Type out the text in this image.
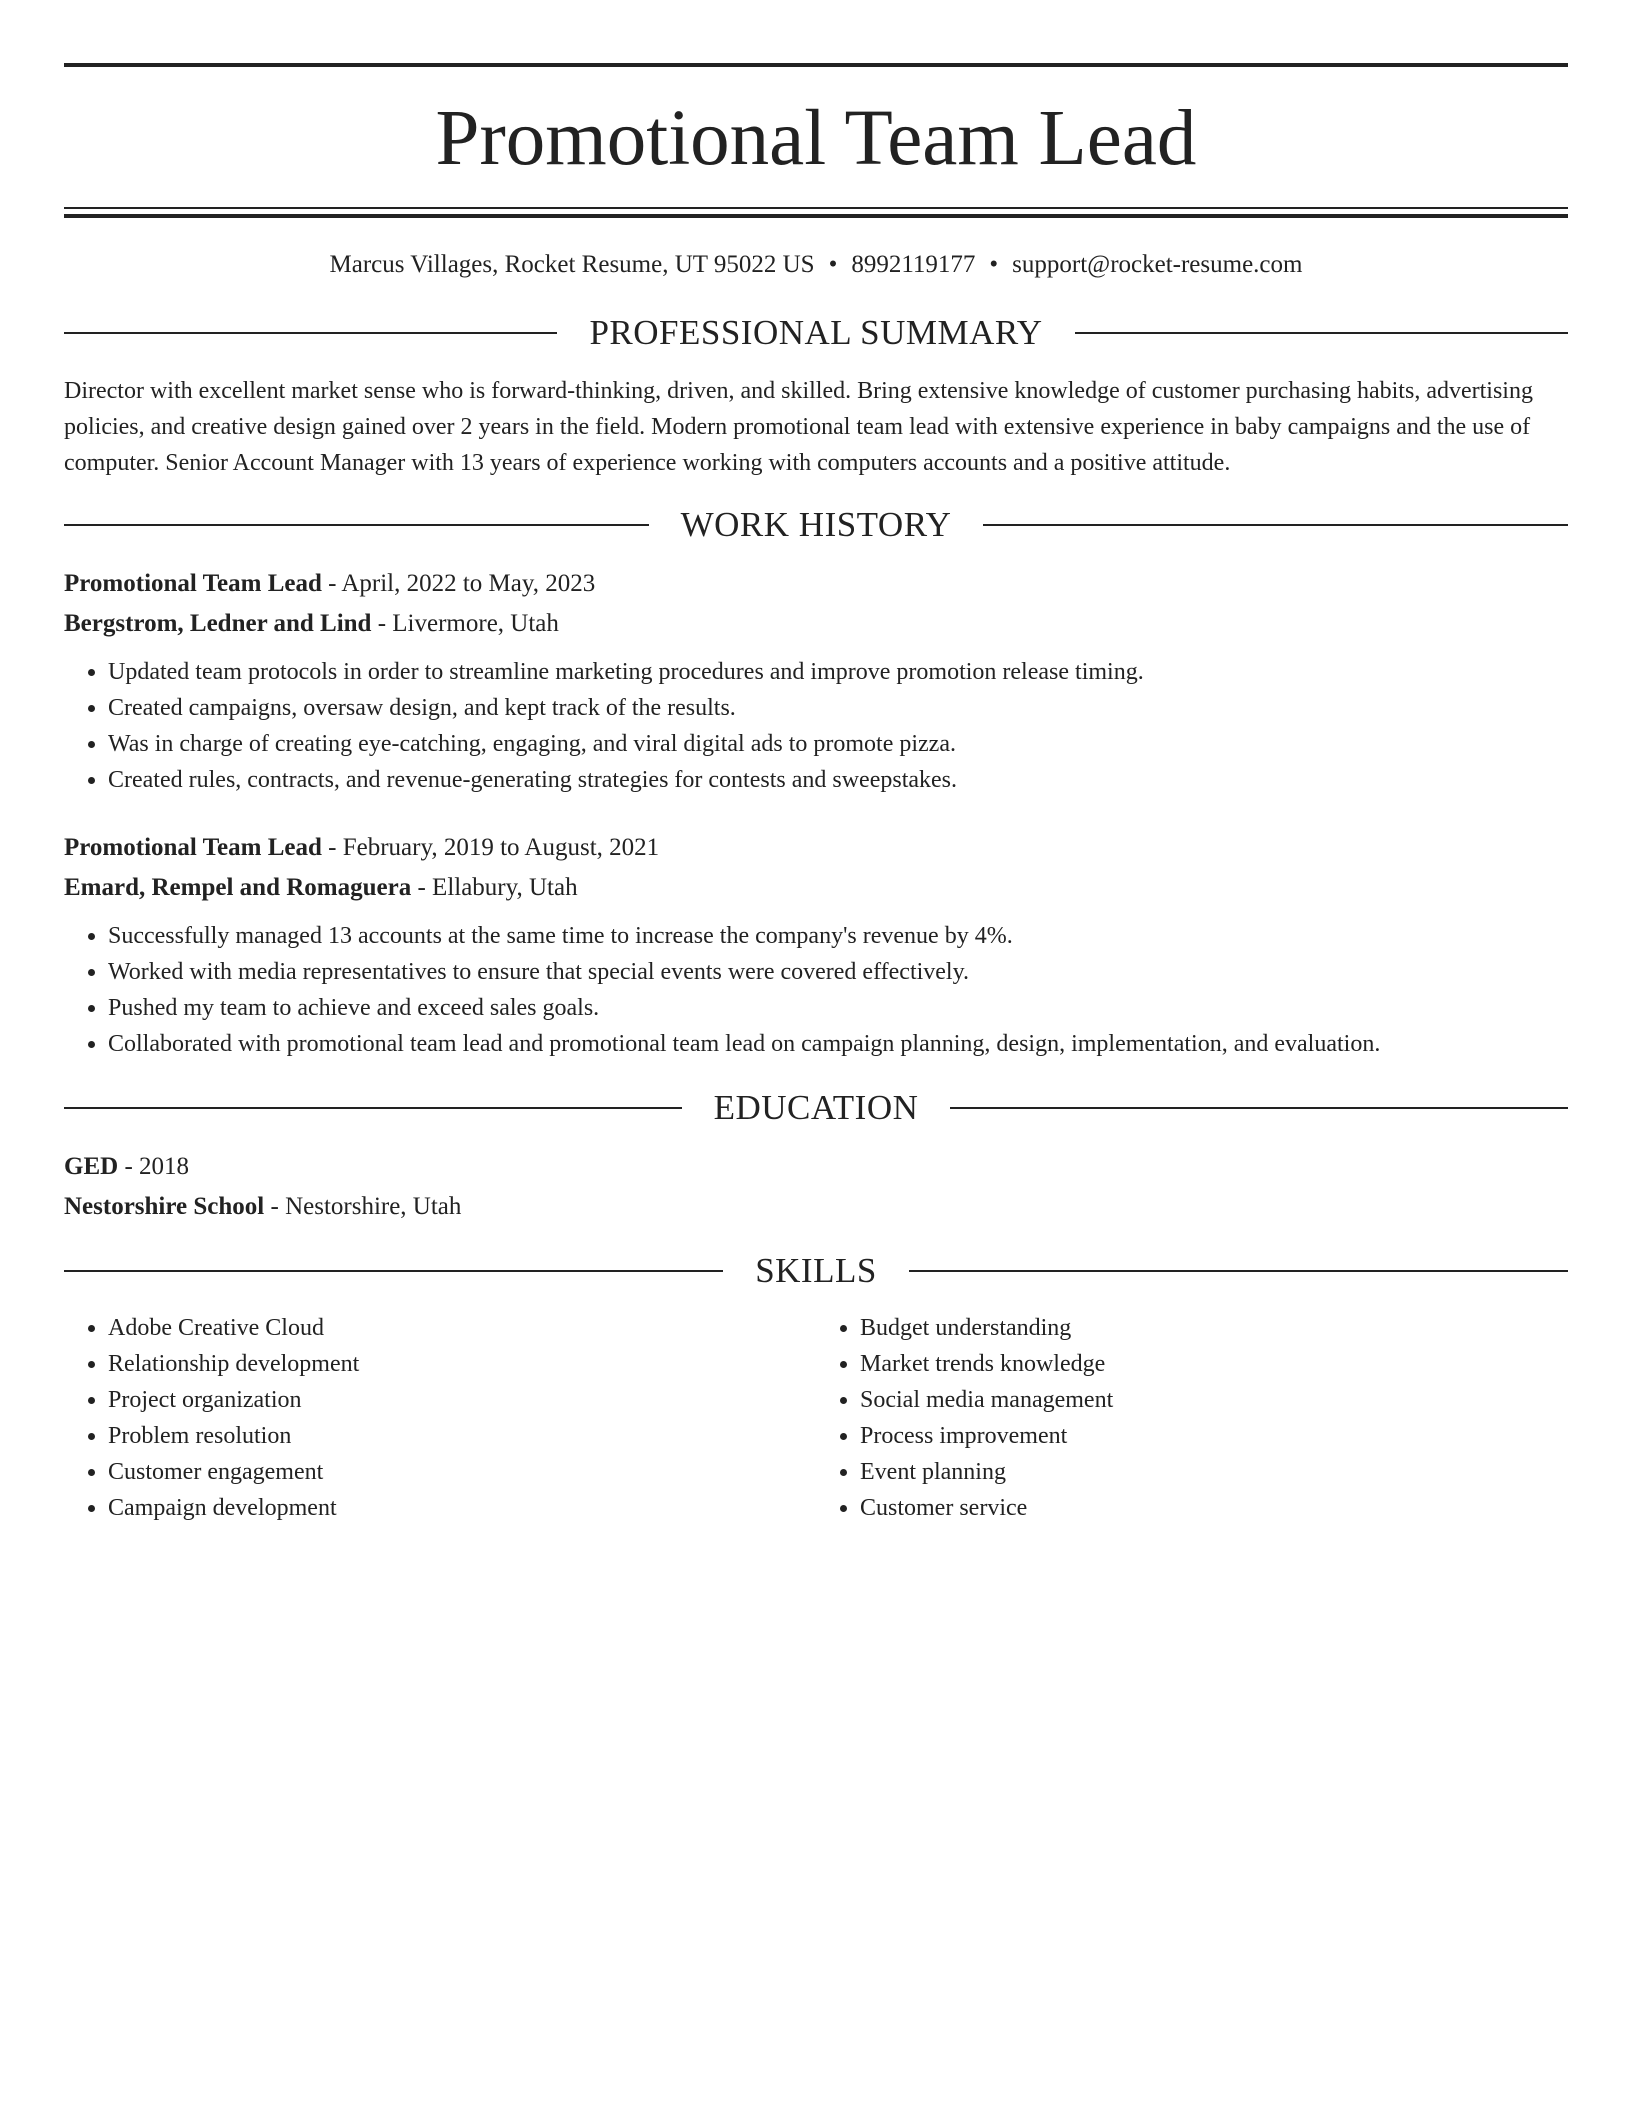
Promotional Team Lead
Marcus Villages, Rocket Resume, UT 95022 US • 8992119177 • support@rocket-resume.com
PROFESSIONAL SUMMARY
Director with excellent market sense who is forward-thinking, driven, and skilled. Bring extensive knowledge of customer purchasing habits, advertising policies, and creative design gained over 2 years in the field. Modern promotional team lead with extensive experience in baby campaigns and the use of computer. Senior Account Manager with 13 years of experience working with computers accounts and a positive attitude.
WORK HISTORY
Promotional Team Lead - April, 2022 to May, 2023
Bergstrom, Ledner and Lind - Livermore, Utah
• Updated team protocols in order to streamline marketing procedures and improve promotion release timing.
• Created campaigns, oversaw design, and kept track of the results.
• Was in charge of creating eye-catching, engaging, and viral digital ads to promote pizza.
• Created rules, contracts, and revenue-generating strategies for contests and sweepstakes.
Promotional Team Lead - February, 2019 to August, 2021
Emard, Rempel and Romaguera - Ellabury, Utah
• Successfully managed 13 accounts at the same time to increase the company's revenue by 4%.
• Worked with media representatives to ensure that special events were covered effectively.
• Pushed my team to achieve and exceed sales goals.
• Collaborated with promotional team lead and promotional team lead on campaign planning, design, implementation, and evaluation.
EDUCATION
GED - 2018
Nestorshire School - Nestorshire, Utah
SKILLS
• Adobe Creative Cloud
• Relationship development
• Project organization
• Problem resolution
• Customer engagement
• Campaign development
• Budget understanding
• Market trends knowledge
• Social media management
• Process improvement
• Event planning
• Customer service
